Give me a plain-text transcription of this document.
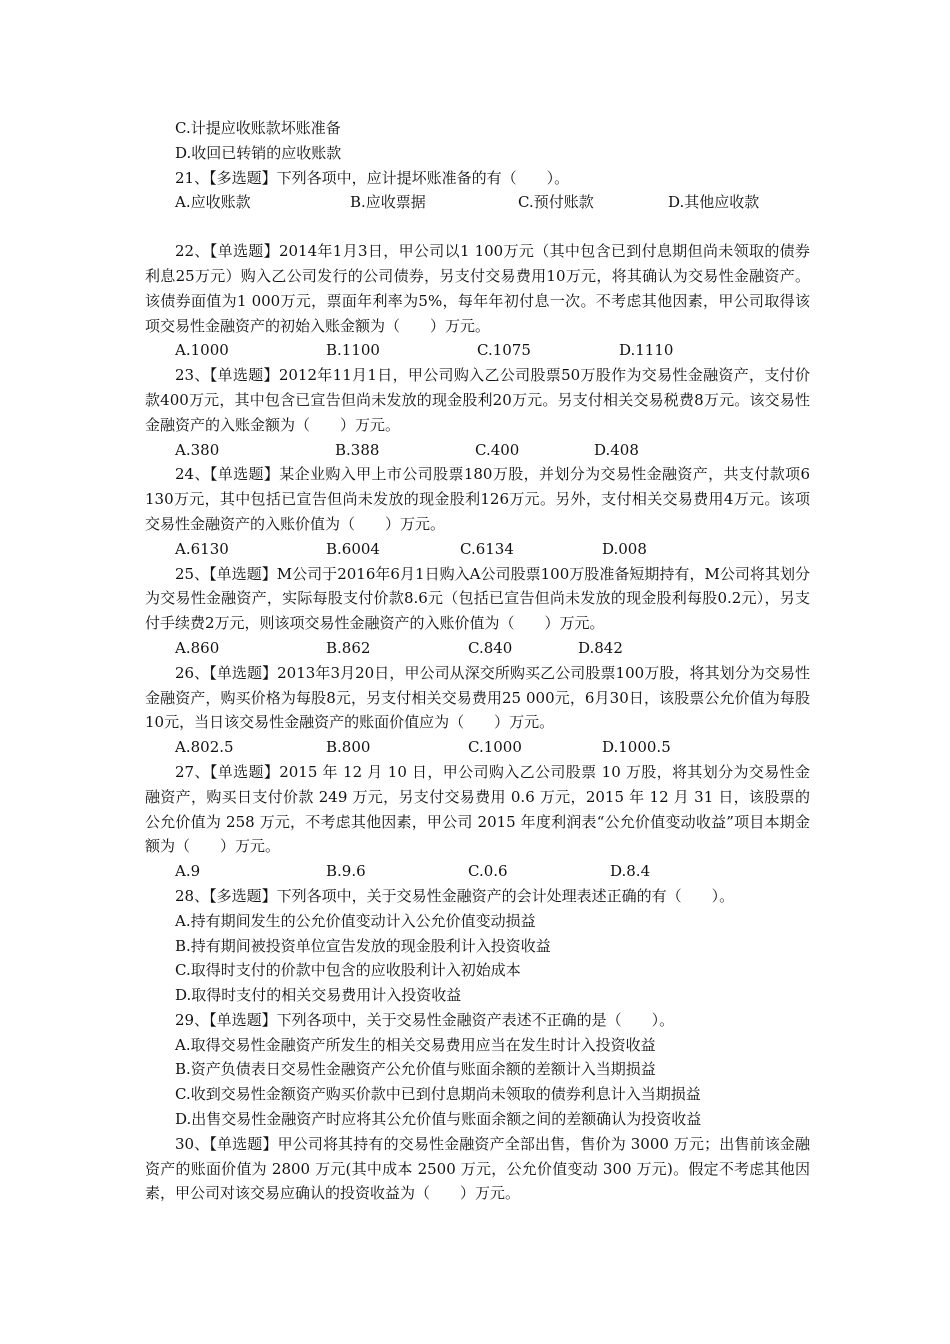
C.计提应收账款坏账准备

D.收回已转销的应收账款

21、【多选题】下列各项中，应计提坏账准备的有（　　）。

A.应收账款	B.应收票据	C.预付账款	D.其他应收款

22、【单选题】2014年1月3日，甲公司以1 100万元（其中包含已到付息期但尚未领取的债券利息25万元）购入乙公司发行的公司债券，另支付交易费用10万元，将其确认为交易性金融资产。该债券面值为1 000万元，票面年利率为5%，每年年初付息一次。不考虑其他因素，甲公司取得该项交易性金融资产的初始入账金额为（　　）万元。

A.1000	B.1100	C.1075	D.1110

23、【单选题】2012年11月1日，甲公司购入乙公司股票50万股作为交易性金融资产，支付价款400万元，其中包含已宣告但尚未发放的现金股利20万元。另支付相关交易税费8万元。该交易性金融资产的入账金额为（　　）万元。

A.380	B.388	C.400	D.408

24、【单选题】某企业购入甲上市公司股票180万股，并划分为交易性金融资产，共支付款项6 130万元，其中包括已宣告但尚未发放的现金股利126万元。另外，支付相关交易费用4万元。该项交易性金融资产的入账价值为（　　）万元。

A.6130	B.6004	C.6134	D.008

25、【单选题】M公司于2016年6月1日购入A公司股票100万股准备短期持有，M公司将其划分为交易性金融资产，实际每股支付价款8.6元（包括已宣告但尚未发放的现金股利每股0.2元），另支付手续费2万元，则该项交易性金融资产的入账价值为（　　）万元。

A.860	B.862	C.840	D.842

26、【单选题】2013年3月20日，甲公司从深交所购买乙公司股票100万股，将其划分为交易性金融资产，购买价格为每股8元，另支付相关交易费用25 000元，6月30日，该股票公允价值为每股10元，当日该交易性金融资产的账面价值应为（　　）万元。

A.802.5	B.800	C.1000	D.1000.5

27、【单选题】2015 年 12 月 10 日，甲公司购入乙公司股票 10 万股，将其划分为交易性金融资产，购买日支付价款 249 万元，另支付交易费用 0.6 万元，2015 年 12 月 31 日，该股票的公允价值为 258 万元，不考虑其他因素，甲公司 2015 年度利润表“公允价值变动收益”项目本期金额为（　　）万元。

A.9	B.9.6	C.0.6	D.8.4

28、【多选题】下列各项中，关于交易性金融资产的会计处理表述正确的有（　　）。

A.持有期间发生的公允价值变动计入公允价值变动损益

B.持有期间被投资单位宣告发放的现金股利计入投资收益

C.取得时支付的价款中包含的应收股利计入初始成本

D.取得时支付的相关交易费用计入投资收益

29、【单选题】下列各项中，关于交易性金融资产表述不正确的是（　　）。

A.取得交易性金融资产所发生的相关交易费用应当在发生时计入投资收益

B.资产负债表日交易性金融资产公允价值与账面余额的差额计入当期损益

C.收到交易性金额资产购买价款中已到付息期尚未领取的债券利息计入当期损益

D.出售交易性金融资产时应将其公允价值与账面余额之间的差额确认为投资收益

30、【单选题】甲公司将其持有的交易性金融资产全部出售，售价为 3000 万元；出售前该金融资产的账面价值为 2800 万元(其中成本 2500 万元，公允价值变动 300 万元)。假定不考虑其他因素，甲公司对该交易应确认的投资收益为（　　）万元。
